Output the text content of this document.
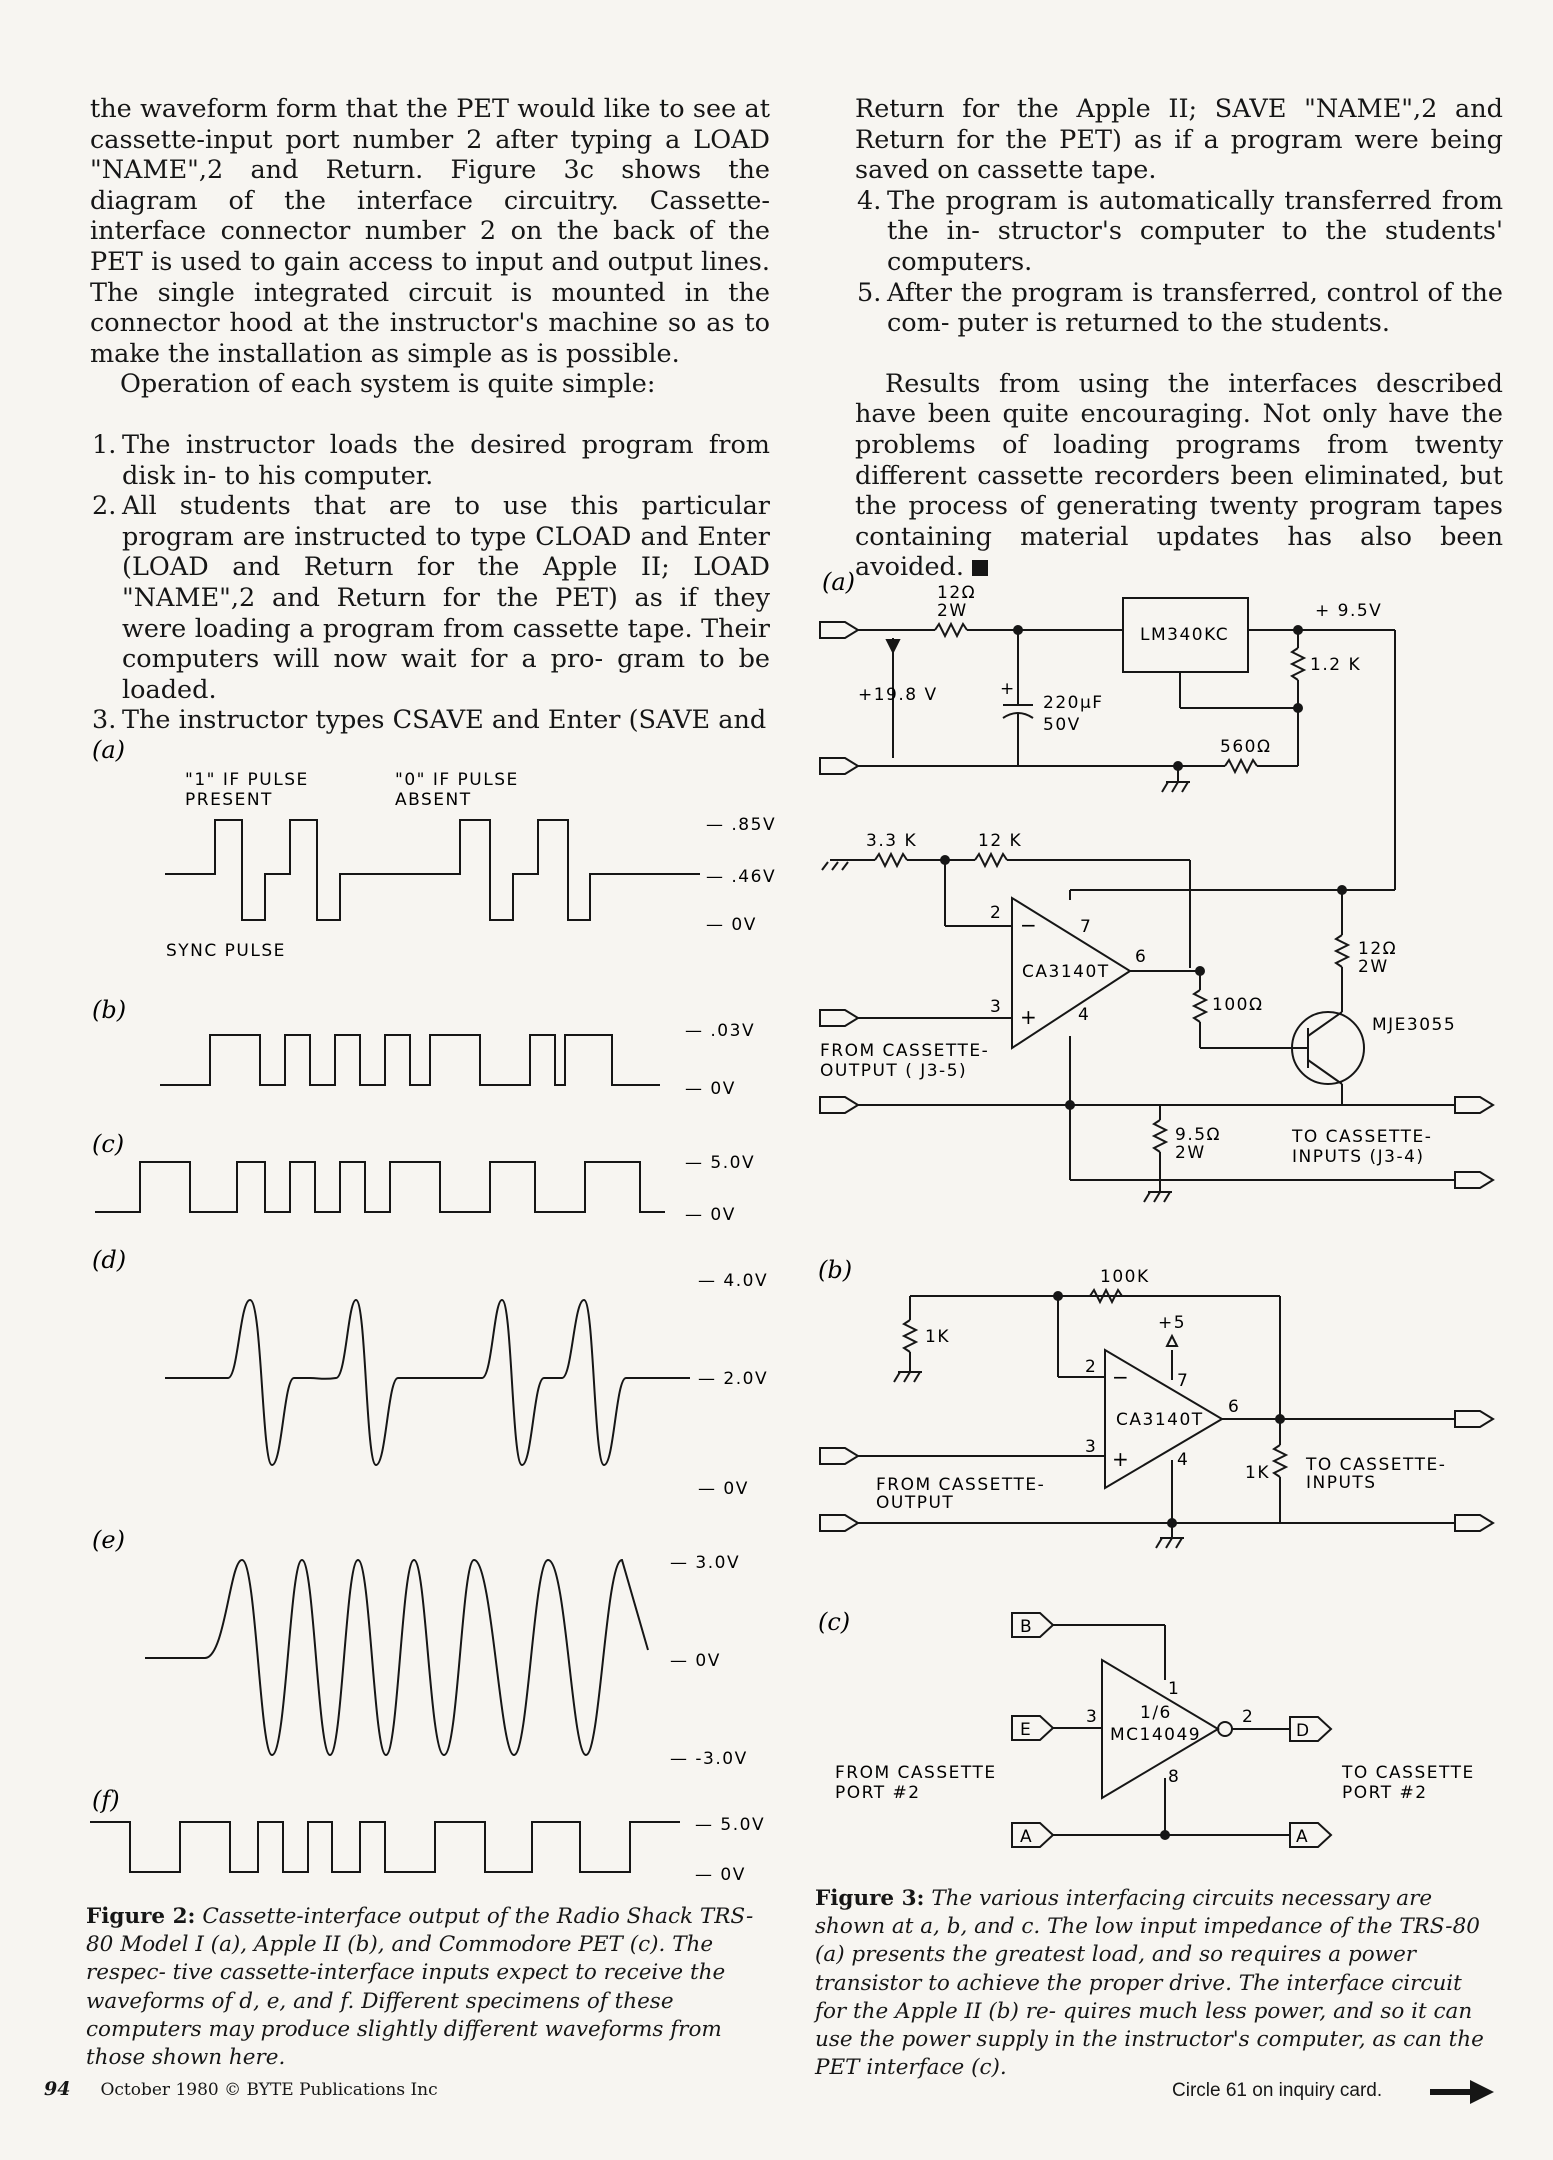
the waveform form that the PET would like to see at cassette-input port number 2 after typing a LOAD "NAME",2 and Return. Figure 3c shows the diagram of the interface circuitry. Cassette-interface connector number 2 on the back of the PET is used to gain access to input and output lines. The single integrated circuit is mounted in the connector hood at the instructor's machine so as to make the installation as simple as is possible.

Operation of each system is quite simple:

1. The instructor loads the desired program from disk in- to his computer.
2. All students that are to use this particular program are instructed to type CLOAD and Enter (LOAD and Return for the Apple II; LOAD "NAME",2 and Return for the PET) as if they were loading a program from cassette tape. Their computers will now wait for a pro- gram to be loaded.
3. The instructor types CSAVE and Enter (SAVE and

Return for the Apple II; SAVE "NAME",2 and Return for the PET) as if a program were being saved on cassette tape.

4. The program is automatically transferred from the in- structor's computer to the students' computers.
5. After the program is transferred, control of the com- puter is returned to the students.

Results from using the interfaces described have been quite encouraging. Not only have the problems of loading programs from twenty different cassette recorders been eliminated, but the process of generating twenty program tapes containing material updates has also been avoided.

(a)
(b)
(c)
(d)
(e)
(f)
"1" IF PULSE
PRESENT
"0" IF PULSE
ABSENT
SYNC PULSE
— .85V
— .46V
— 0V
— .03V
— 0V
— 5.0V
— 0V
— 4.0V
— 2.0V
— 0V
— 3.0V
— 0V
— -3.0V
— 5.0V
— 0V
(a)
(b)
(c)
12Ω
2W
LM340KC
+ 9.5V
1.2 K
+19.8 V	+
220μF
50V
560Ω
3.3 K	12 K
CA3140T
−
+
2
3	4
6
7
12Ω
2W
100Ω
MJE3055
FROM CASSETTE-
OUTPUT ( J3-5)
9.5Ω
2W
TO CASSETTE-
INPUTS (J3-4)
100K
1K
+5
CA3140T
−
+
2
3
4
6
7
1K
FROM CASSETTE-
OUTPUT
TO CASSETTE-
INPUTS
B
E
A
D
A
1/6
MC14049
1
2
3
8
FROM CASSETTE
PORT #2
TO CASSETTE
PORT #2
Figure 2: Cassette-interface output of the Radio Shack TRS-80 Model I (a), Apple II (b), and Commodore PET (c). The respec- tive cassette-interface inputs expect to receive the waveforms of d, e, and f. Different specimens of these computers may produce slightly different waveforms from those shown here.
Figure 3: The various interfacing circuits necessary are shown at a, b, and c. The low input impedance of the TRS-80 (a) presents the greatest load, and so requires a power transistor to achieve the proper drive. The interface circuit for the Apple II (b) re- quires much less power, and so it can use the power supply in the instructor's computer, as can the PET interface (c).
94 October 1980 © BYTE Publications Inc	Circle 61 on inquiry card.
